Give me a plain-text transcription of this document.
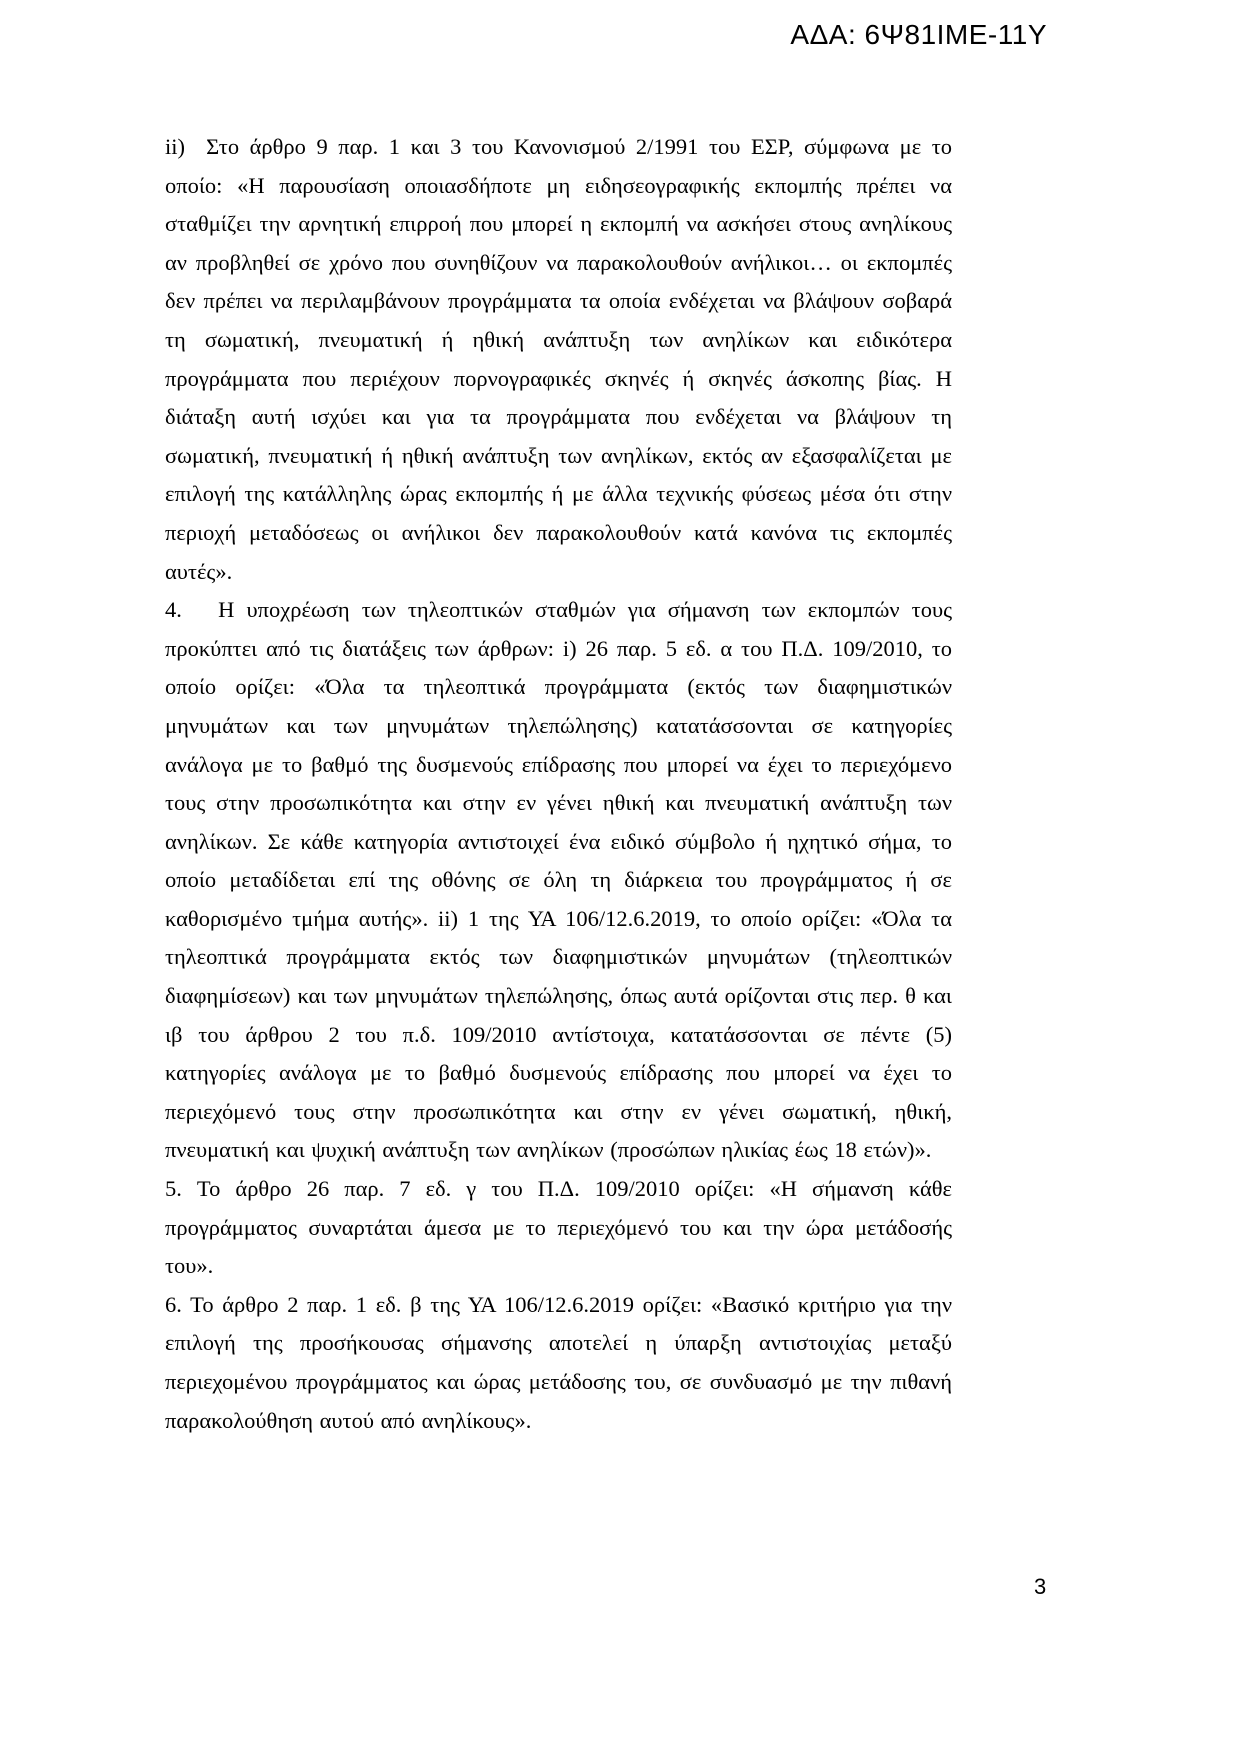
ΑΔΑ: 6Ψ81ΙΜΕ-11Υ

ii)  Στο άρθρο 9 παρ. 1 και 3 του Κανονισμού 2/1991 του ΕΣΡ, σύμφωνα με το οποίο: «Η παρουσίαση οποιασδήποτε μη ειδησεογραφικής εκπομπής πρέπει να σταθμίζει την αρνητική επιρροή που μπορεί η εκπομπή να ασκήσει στους ανηλίκους αν προβληθεί σε χρόνο που συνηθίζουν να παρακολουθούν ανήλικοι… οι εκπομπές δεν πρέπει να περιλαμβάνουν προγράμματα τα οποία ενδέχεται να βλάψουν σοβαρά τη σωματική, πνευματική ή ηθική ανάπτυξη των ανηλίκων και ειδικότερα προγράμματα που περιέχουν πορνογραφικές σκηνές ή σκηνές άσκοπης βίας. Η διάταξη αυτή ισχύει και για τα προγράμματα που ενδέχεται να βλάψουν τη σωματική, πνευματική ή ηθική ανάπτυξη των ανηλίκων, εκτός αν εξασφαλίζεται με επιλογή της κατάλληλης ώρας εκπομπής ή με άλλα τεχνικής φύσεως μέσα ότι στην περιοχή μεταδόσεως οι ανήλικοι δεν παρακολουθούν κατά κανόνα τις εκπομπές αυτές».

4.   Η υποχρέωση των τηλεοπτικών σταθμών για σήμανση των εκπομπών τους προκύπτει από τις διατάξεις των άρθρων: i) 26 παρ. 5 εδ. α του Π.Δ. 109/2010, το οποίο ορίζει: «Όλα τα τηλεοπτικά προγράμματα (εκτός των διαφημιστικών μηνυμάτων και των μηνυμάτων τηλεπώλησης) κατατάσσονται σε κατηγορίες ανάλογα με το βαθμό της δυσμενούς επίδρασης που μπορεί να έχει το περιεχόμενο τους στην προσωπικότητα και στην εν γένει ηθική και πνευματική ανάπτυξη των ανηλίκων. Σε κάθε κατηγορία αντιστοιχεί ένα ειδικό σύμβολο ή ηχητικό σήμα, το οποίο μεταδίδεται επί της οθόνης σε όλη τη διάρκεια του προγράμματος ή σε καθορισμένο τμήμα αυτής». ii) 1 της ΥΑ 106/12.6.2019, το οποίο ορίζει: «Όλα τα τηλεοπτικά προγράμματα εκτός των διαφημιστικών μηνυμάτων (τηλεοπτικών διαφημίσεων) και των μηνυμάτων τηλεπώλησης, όπως αυτά ορίζονται στις περ. θ και ιβ του άρθρου 2 του π.δ. 109/2010 αντίστοιχα, κατατάσσονται σε πέντε (5) κατηγορίες ανάλογα με το βαθμό δυσμενούς επίδρασης που μπορεί να έχει το περιεχόμενό τους στην προσωπικότητα και στην εν γένει σωματική, ηθική, πνευματική και ψυχική ανάπτυξη των ανηλίκων (προσώπων ηλικίας έως 18 ετών)».

5. Το άρθρο 26 παρ. 7 εδ. γ του Π.Δ. 109/2010 ορίζει: «Η σήμανση κάθε προγράμματος συναρτάται άμεσα με το περιεχόμενό του και την ώρα μετάδοσής του».

6. Το άρθρο 2 παρ. 1 εδ. β της ΥΑ 106/12.6.2019 ορίζει: «Βασικό κριτήριο για την επιλογή της προσήκουσας σήμανσης αποτελεί η ύπαρξη αντιστοιχίας μεταξύ περιεχομένου προγράμματος και ώρας μετάδοσης του, σε συνδυασμό με την πιθανή παρακολούθηση αυτού από ανηλίκους».

3
